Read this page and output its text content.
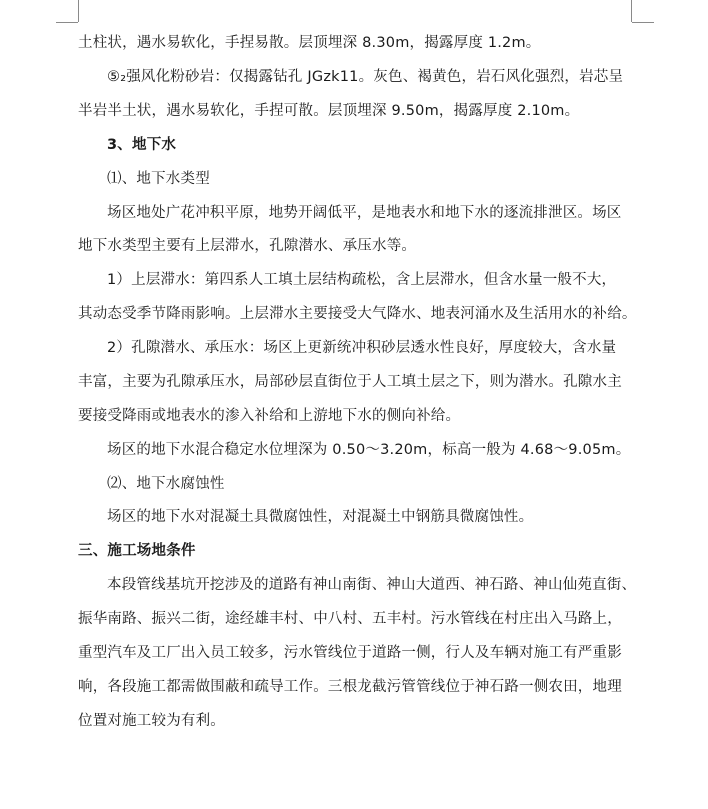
土柱状，遇水易软化，手捏易散。层顶埋深 8.30m，揭露厚度 1.2m。
⑤₂强风化粉砂岩：仅揭露钻孔 JGzk11。灰色、褐黄色，岩石风化强烈，岩芯呈
半岩半土状，遇水易软化，手捏可散。层顶埋深 9.50m，揭露厚度 2.10m。
3、地下水
⑴、地下水类型
场区地处广花冲积平原，地势开阔低平，是地表水和地下水的逐流排泄区。场区
地下水类型主要有上层滞水，孔隙潜水、承压水等。
1）上层滞水：第四系人工填土层结构疏松，含上层滞水，但含水量一般不大，
其动态受季节降雨影响。上层滞水主要接受大气降水、地表河涌水及生活用水的补给。
2）孔隙潜水、承压水：场区上更新统冲积砂层透水性良好，厚度较大，含水量
丰富，主要为孔隙承压水，局部砂层直街位于人工填土层之下，则为潜水。孔隙水主
要接受降雨或地表水的渗入补给和上游地下水的侧向补给。
场区的地下水混合稳定水位埋深为 0.50～3.20m，标高一般为 4.68～9.05m。
⑵、地下水腐蚀性
场区的地下水对混凝土具微腐蚀性，对混凝土中钢筋具微腐蚀性。
三、施工场地条件
本段管线基坑开挖涉及的道路有神山南街、神山大道西、神石路、神山仙苑直街、
振华南路、振兴二街，途经雄丰村、中八村、五丰村。污水管线在村庄出入马路上，
重型汽车及工厂出入员工较多，污水管线位于道路一侧，行人及车辆对施工有严重影
响，各段施工都需做围蔽和疏导工作。三根龙截污管管线位于神石路一侧农田，地理
位置对施工较为有利。
